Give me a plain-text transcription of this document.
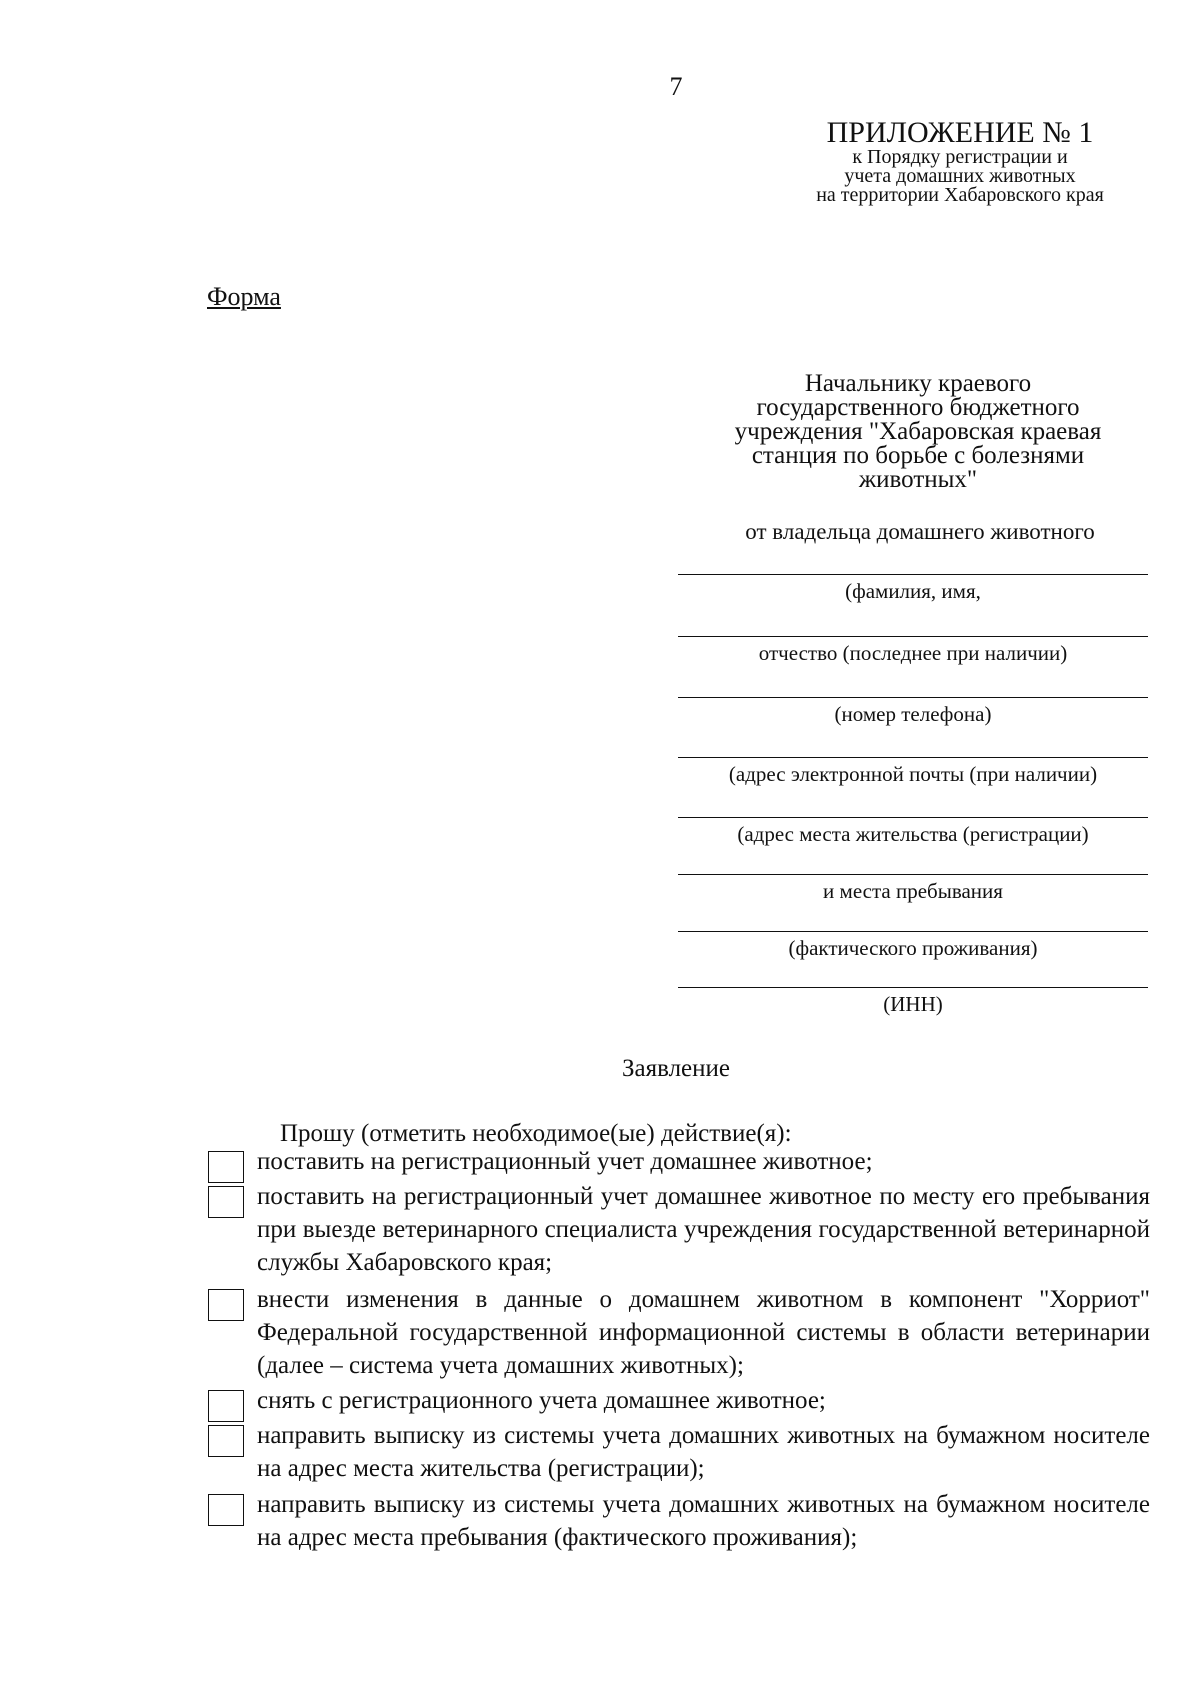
7
ПРИЛОЖЕНИЕ № 1
к Порядку регистрации и
учета домашних животных
на территории Хабаровского края
Форма
Начальнику краевого
государственного бюджетного
учреждения "Хабаровская краевая
станция по борьбе с болезнями
животных"
от владельца домашнего животного
(фамилия, имя,
отчество (последнее при наличии)
(номер телефона)
(адрес электронной почты (при наличии)
(адрес места жительства (регистрации)
и места пребывания
(фактического проживания)
(ИНН)
Заявление
Прошу (отметить необходимое(ые) действие(я):
поставить на регистрационный учет домашнее животное;
поставить на регистрационный учет домашнее животное по месту его пребывания при выезде ветеринарного специалиста учреждения государственной ветеринарной службы Хабаровского края;
внести изменения в данные о домашнем животном в компонент "Хорриот" Федеральной государственной информационной системы в области ветеринарии (далее – система учета домашних животных);
снять с регистрационного учета домашнее животное;
направить выписку из системы учета домашних животных на бумажном носителе на адрес места жительства (регистрации);
направить выписку из системы учета домашних животных на бумажном носителе на адрес места пребывания (фактического проживания);
